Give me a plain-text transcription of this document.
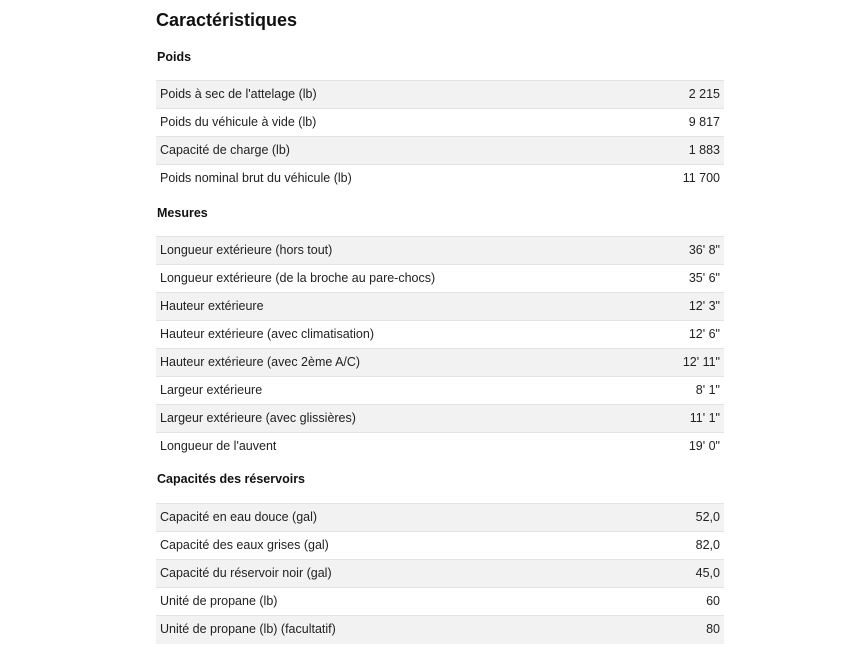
Caractéristiques
Poids
Poids à sec de l'attelage (lb)	2 215
Poids du véhicule à vide (lb)	9 817
Capacité de charge (lb)	1 883
Poids nominal brut du véhicule (lb)	11 700
Mesures
Longueur extérieure (hors tout)	36' 8"
Longueur extérieure (de la broche au pare-chocs)	35' 6"
Hauteur extérieure	12' 3"
Hauteur extérieure (avec climatisation)	12' 6"
Hauteur extérieure (avec 2ème A/C)	12' 11"
Largeur extérieure	8' 1"
Largeur extérieure (avec glissières)	11' 1"
Longueur de l'auvent	19' 0"
Capacités des réservoirs
Capacité en eau douce (gal)	52,0
Capacité des eaux grises (gal)	82,0
Capacité du réservoir noir (gal)	45,0
Unité de propane (lb)	60
Unité de propane (lb) (facultatif)	80
